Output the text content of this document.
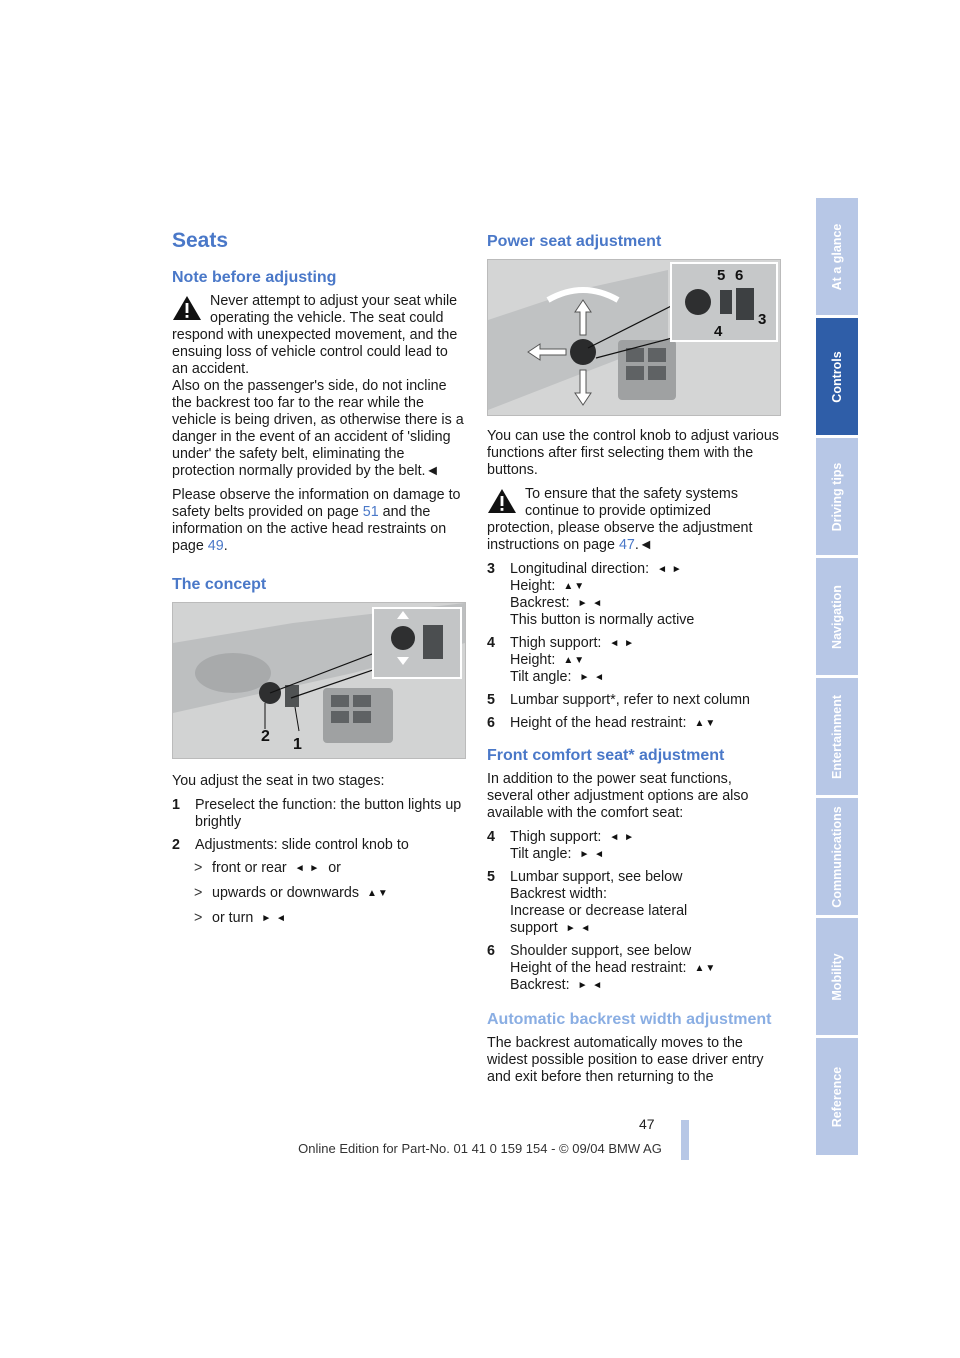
At a glance
Controls
Driving tips
Navigation
Entertainment
Communications
Mobility
Reference
Seats
Note before adjusting

Never attempt to adjust your seat while operating the vehicle. The seat could respond with unexpected movement, and the ensuing loss of vehicle control could lead to an accident.

Also on the passenger's side, do not incline the backrest too far to the rear while the vehicle is being driven, as otherwise there is a danger in the event of an accident of 'sliding under' the safety belt, eliminating the protection normally provided by the belt.◄

Please observe the information on damage to safety belts provided on page 51 and the information on the active head restraints on page 49.

The concept
2 1

You adjust the seat in two stages:

1	Preselect the function: the button lights up brightly
2	Adjustments: slide control knob to
> front or rear ◄ ► or
> upwards or downwards ▲▼
> or turn ► ◄
Power seat adjustment
5 6
3
4

You can use the control knob to adjust various functions after first selecting them with the buttons.

To ensure that the safety systems continue to provide optimized protection, please observe the adjustment instructions on page 47.◄

3	Longitudinal direction: ◄ ►
Height: ▲▼
Backrest: ► ◄
This button is normally active
4	Thigh support: ◄ ►
Height: ▲▼
Tilt angle: ► ◄
5	Lumbar support*, refer to next column
6	Height of the head restraint: ▲▼
Front comfort seat* adjustment

In addition to the power seat functions, several other adjustment options are also available with the comfort seat:

4	Thigh support: ◄ ►
Tilt angle: ► ◄
5	Lumbar support, see below
Backrest width:
Increase or decrease lateral
support ► ◄
6	Shoulder support, see below
Height of the head restraint: ▲▼
Backrest: ► ◄
Automatic backrest width adjustment

The backrest automatically moves to the widest possible position to ease driver entry and exit before then returning to the

47
Online Edition for Part-No. 01 41 0 159 154 - © 09/04 BMW AG
